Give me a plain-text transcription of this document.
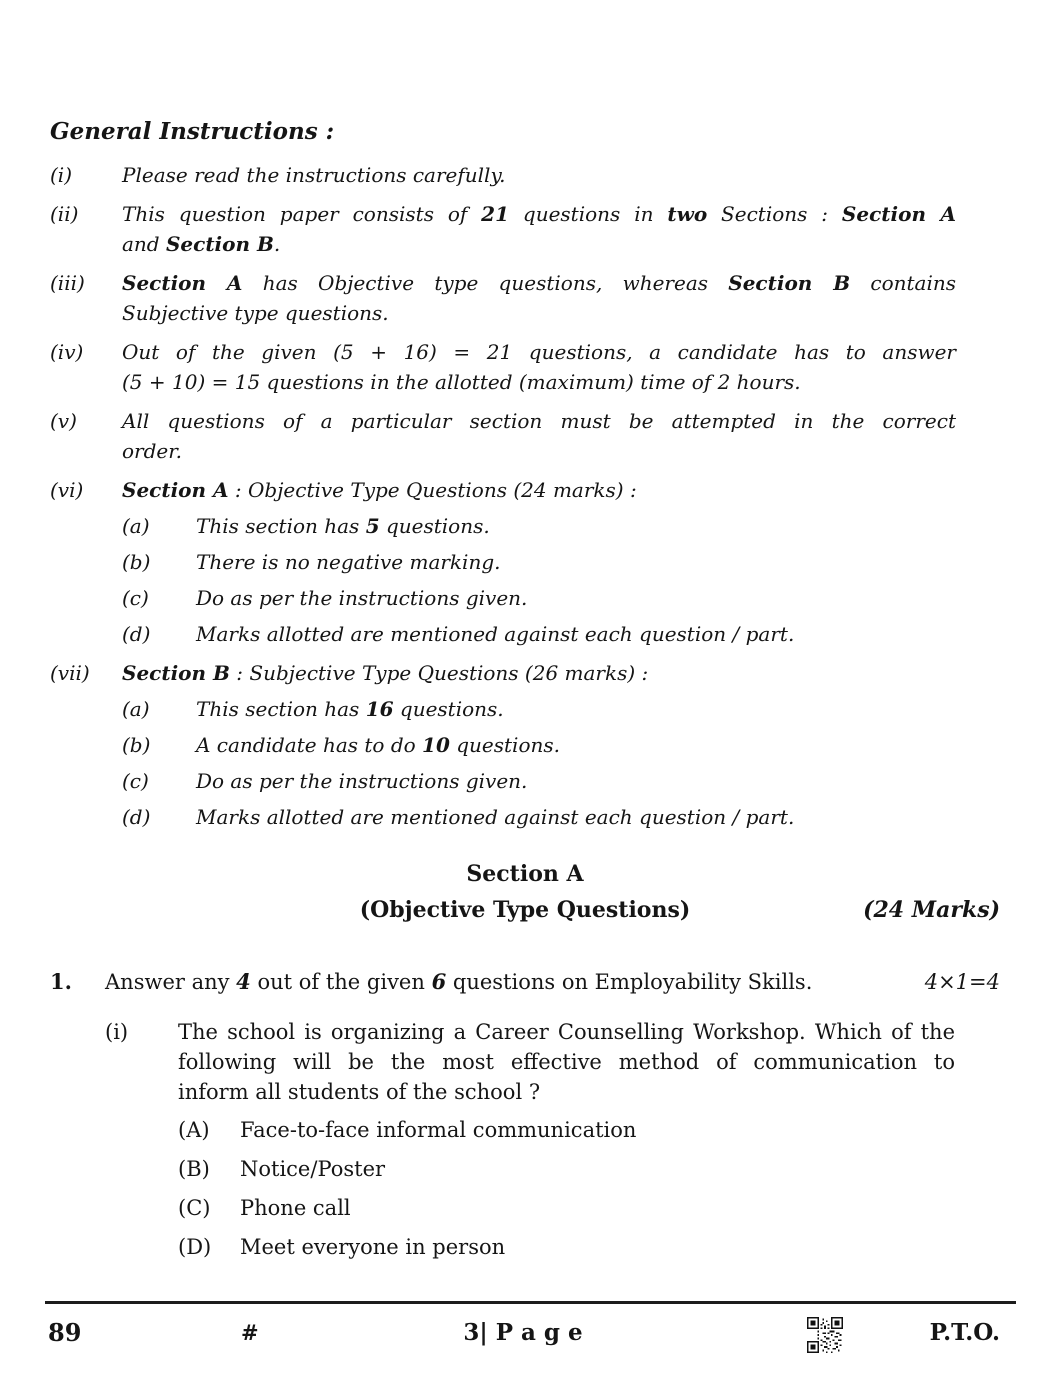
General Instructions :
(i)	Please read the instructions carefully.
(ii)	This question paper consists of 21 questions in two Sections : Section A
and Section B.
(iii)	Section A has Objective type questions, whereas Section B contains
Subjective type questions.
(iv)	Out of the given (5 + 16) = 21 questions, a candidate has to answer
(5 + 10) = 15 questions in the allotted (maximum) time of 2 hours.
(v)	All questions of a particular section must be attempted in the correct
order.
(vi)	Section A : Objective Type Questions (24 marks) :
(a)	This section has 5 questions.
(b)	There is no negative marking.
(c)	Do as per the instructions given.
(d)	Marks allotted are mentioned against each question / part.
(vii)	Section B : Subjective Type Questions (26 marks) :
(a)	This section has 16 questions.
(b)	A candidate has to do 10 questions.
(c)	Do as per the instructions given.
(d)	Marks allotted are mentioned against each question / part.
Section A
(Objective Type Questions)	(24 Marks)
1.	Answer any 4 out of the given 6 questions on Employability Skills.	4×1=4
(i)	The school is organizing a Career Counselling Workshop. Which of the
following will be the most effective method of communication to
inform all students of the school ?
(A)	Face-to-face informal communication
(B)	Notice/Poster
(C)	Phone call
(D)	Meet everyone in person
89	#	3| P a g e	P.T.O.
